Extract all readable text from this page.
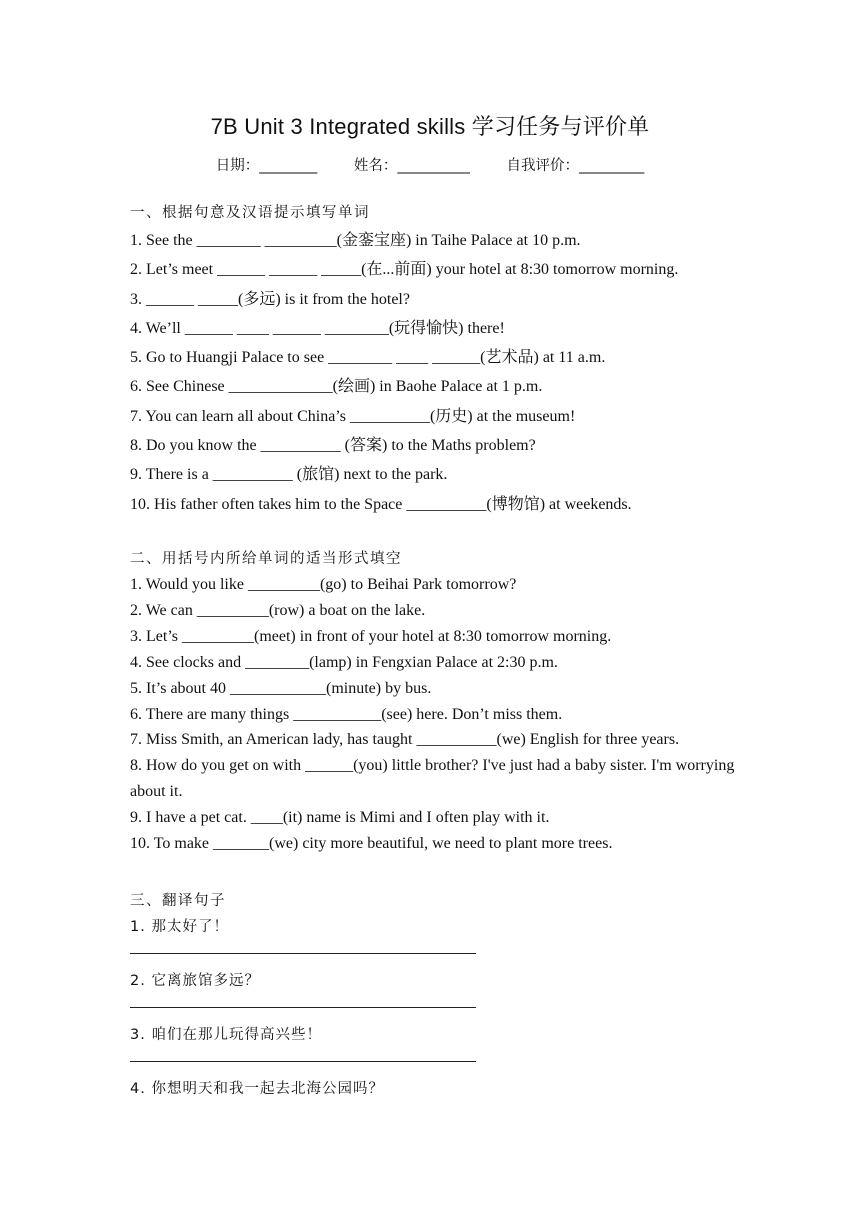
7B Unit 3 Integrated skills 学习任务与评价单
日期：________	姓名：__________	自我评价：_________
一、根据句意及汉语提示填写单词
1. See the ________ _________(金銮宝座) in Taihe Palace at 10 p.m.
2. Let’s meet ______ ______ _____(在...前面) your hotel at 8:30 tomorrow morning.
3. ______ _____(多远) is it from the hotel?
4. We’ll ______ ____ ______ ________(玩得愉快) there!
5. Go to Huangji Palace to see ________ ____ ______(艺术品) at 11 a.m.
6. See Chinese _____________(绘画) in Baohe Palace at 1 p.m.
7. You can learn all about China’s __________(历史) at the museum!
8. Do you know the __________ (答案) to the Maths problem?
9. There is a __________ (旅馆) next to the park.
10. His father often takes him to the Space __________(博物馆) at weekends.
二、用括号内所给单词的适当形式填空
1. Would you like _________(go) to Beihai Park tomorrow?
2. We can _________(row) a boat on the lake.
3. Let’s _________(meet) in front of your hotel at 8:30 tomorrow morning.
4. See clocks and ________(lamp) in Fengxian Palace at 2:30 p.m.
5. It’s about 40 ____________(minute) by bus.
6. There are many things ___________(see) here. Don’t miss them.
7. Miss Smith, an American lady, has taught __________(we) English for three years.
8. How do you get on with ______(you) little brother? I've just had a baby sister. I'm worrying about it.
9. I have a pet cat. ____(it) name is Mimi and I often play with it.
10. To make _______(we) city more beautiful, we need to plant more trees.
三、翻译句子
1. 那太好了！
2. 它离旅馆多远？
3. 咱们在那儿玩得高兴些！
4. 你想明天和我一起去北海公园吗？
